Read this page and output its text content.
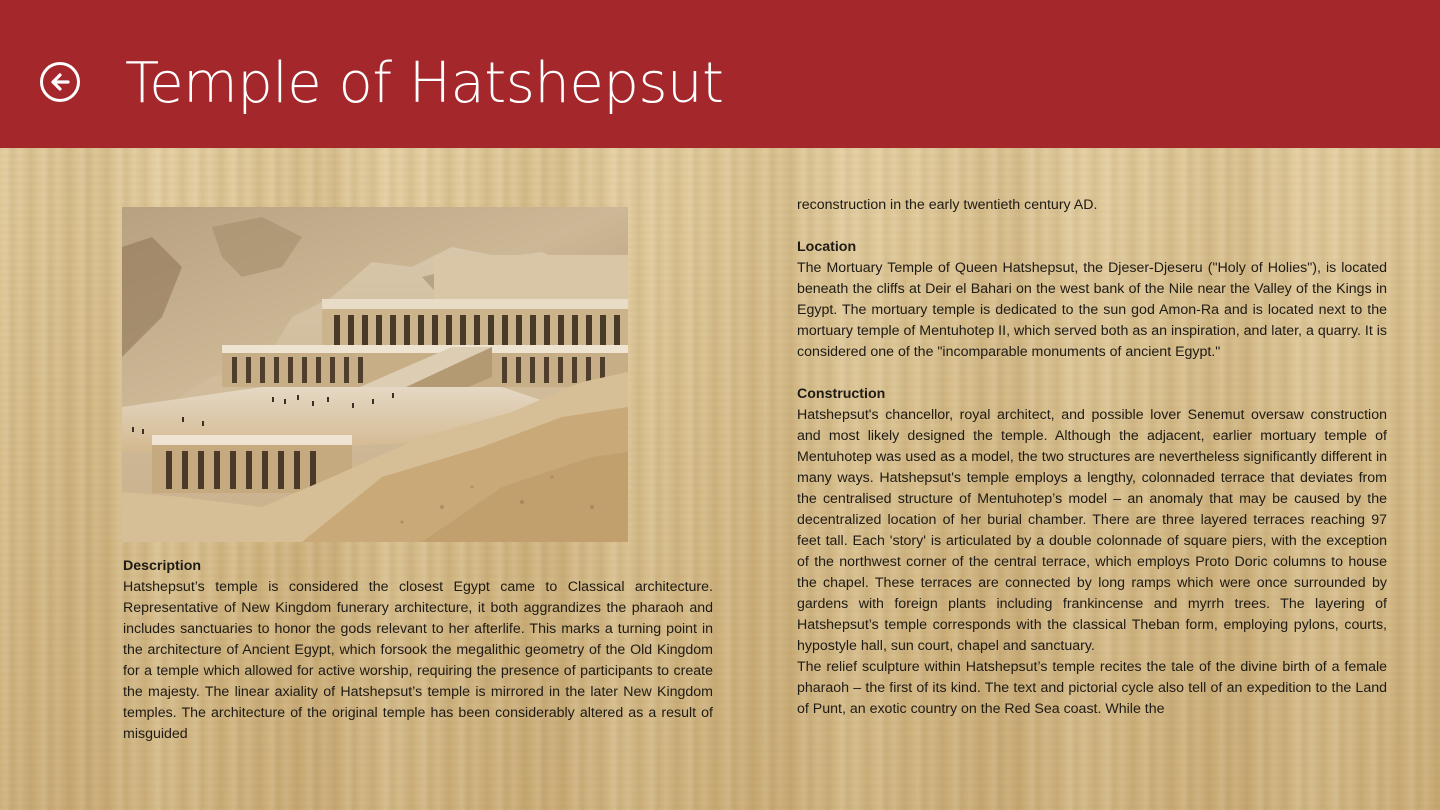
Temple of Hatshepsut
Description
Hatshepsut’s temple is considered the closest Egypt came to Classical architecture. Representative of New Kingdom funerary architecture, it both aggrandizes the pharaoh and includes sanctuaries to honor the gods relevant to her afterlife. This marks a turning point in the architecture of Ancient Egypt, which forsook the megalithic geometry of the Old Kingdom for a temple which allowed for active worship, requiring the presence of participants to create the majesty. The linear axiality of Hatshepsut’s temple is mirrored in the later New Kingdom temples. The architecture of the original temple has been considerably altered as a result of misguided
reconstruction in the early twentieth century AD.
Location
The Mortuary Temple of Queen Hatshepsut, the Djeser-Djeseru ("Holy of Holies"), is located beneath the cliffs at Deir el Bahari on the west bank of the Nile near the Valley of the Kings in Egypt. The mortuary temple is dedicated to the sun god Amon-Ra and is located next to the mortuary temple of Mentuhotep II, which served both as an inspiration, and later, a quarry. It is considered one of the "incomparable monuments of ancient Egypt."
Construction
Hatshepsut's chancellor, royal architect, and possible lover Senemut oversaw construction and most likely designed the temple. Although the adjacent, earlier mortuary temple of Mentuhotep was used as a model, the two structures are nevertheless significantly different in many ways. Hatshepsut's temple employs a lengthy, colonnaded terrace that deviates from the centralised structure of Mentuhotep’s model – an anomaly that may be caused by the decentralized location of her burial chamber. There are three layered terraces reaching 97 feet tall. Each 'story' is articulated by a double colonnade of square piers, with the exception of the northwest corner of the central terrace, which employs Proto Doric columns to house the chapel. These terraces are connected by long ramps which were once surrounded by gardens with foreign plants including frankincense and myrrh trees. The layering of Hatshepsut’s temple corresponds with the classical Theban form, employing pylons, courts, hypostyle hall, sun court, chapel and sanctuary.
The relief sculpture within Hatshepsut’s temple recites the tale of the divine birth of a female pharaoh – the first of its kind. The text and pictorial cycle also tell of an expedition to the Land of Punt, an exotic country on the Red Sea coast. While the
